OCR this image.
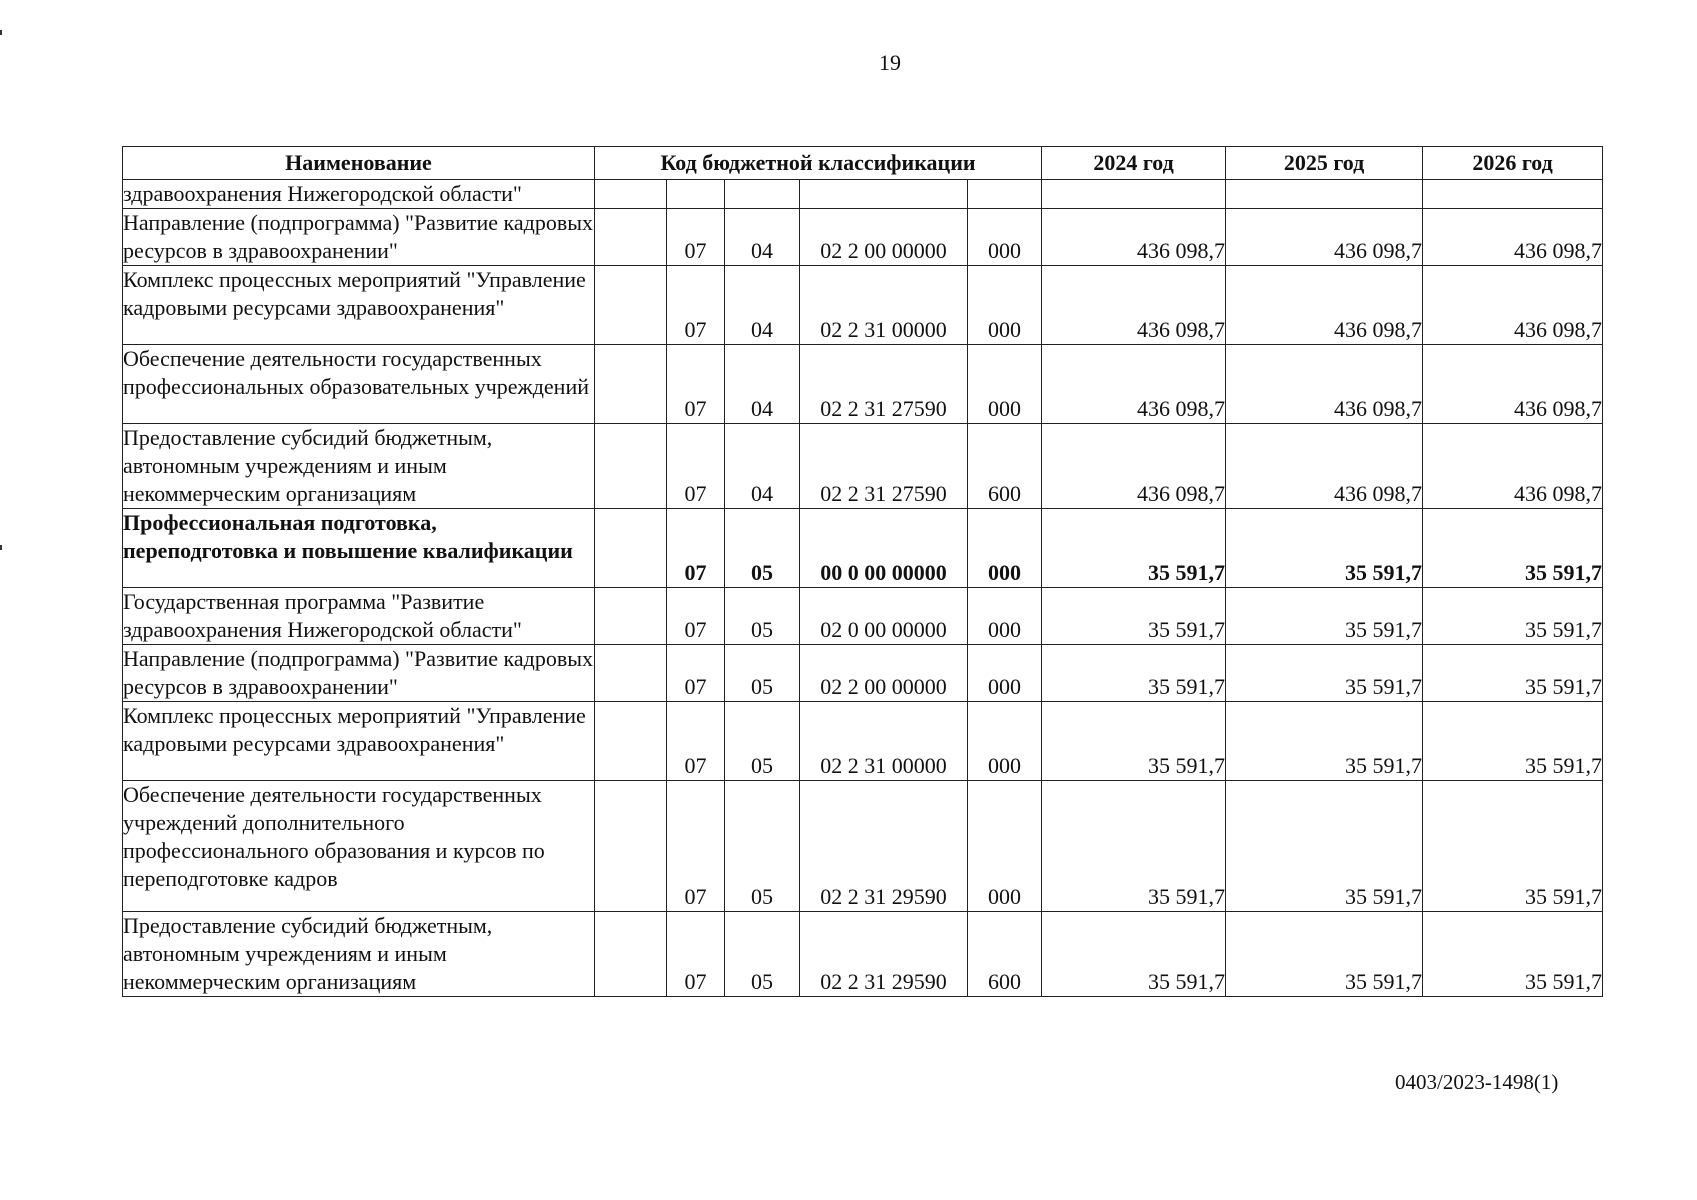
19
Наименование	Код бюджетной классификации					2024 год	2025 год	2026 год
здравоохранения Нижегородской области"								
Направление (подпрограмма) "Развитие кадровых ресурсов в здравоохранении"		07	04	02 2 00 00000	000	436 098,7	436 098,7	436 098,7
Комплекс процессных мероприятий "Управление кадровыми ресурсами здравоохранения"		07	04	02 2 31 00000	000	436 098,7	436 098,7	436 098,7
Обеспечение деятельности государственных профессиональных образовательных учреждений		07	04	02 2 31 27590	000	436 098,7	436 098,7	436 098,7
Предоставление субсидий бюджетным, автономным учреждениям и иным некоммерческим организациям		07	04	02 2 31 27590	600	436 098,7	436 098,7	436 098,7
Профессиональная подготовка, переподготовка и повышение квалификации		07	05	00 0 00 00000	000	35 591,7	35 591,7	35 591,7
Государственная программа "Развитие здравоохранения Нижегородской области"		07	05	02 0 00 00000	000	35 591,7	35 591,7	35 591,7
Направление (подпрограмма) "Развитие кадровых ресурсов в здравоохранении"		07	05	02 2 00 00000	000	35 591,7	35 591,7	35 591,7
Комплекс процессных мероприятий "Управление кадровыми ресурсами здравоохранения"		07	05	02 2 31 00000	000	35 591,7	35 591,7	35 591,7
Обеспечение деятельности государственных учреждений дополнительного профессионального образования и курсов по переподготовке кадров		07	05	02 2 31 29590	000	35 591,7	35 591,7	35 591,7
Предоставление субсидий бюджетным, автономным учреждениям и иным некоммерческим организациям		07	05	02 2 31 29590	600	35 591,7	35 591,7	35 591,7
0403/2023-1498(1)
